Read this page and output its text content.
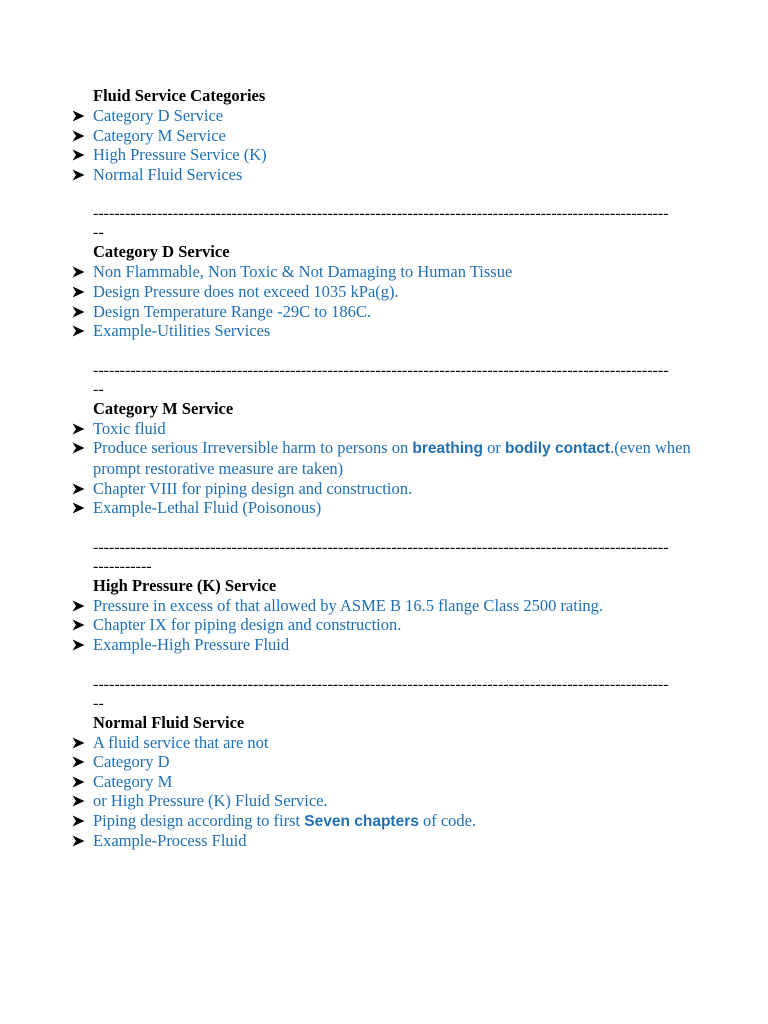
Fluid Service Categories
Category D Service
Category M Service
High Pressure Service (K)
Normal Fluid Services
--------------------------------------------------------------------------------------------------------------
Category D Service
Non Flammable, Non Toxic & Not Damaging to Human Tissue
Design Pressure does not exceed 1035 kPa(g).
Design Temperature Range -29C to 186C.
Example-Utilities Services
--------------------------------------------------------------------------------------------------------------
Category M Service
Toxic fluid
Produce serious Irreversible harm to persons on breathing or bodily contact.(even when prompt restorative measure are taken)
Chapter VIII for piping design and construction.
Example-Lethal Fluid (Poisonous)
-----------------------------------------------------------------------------------------------------------------------
High Pressure (K) Service
Pressure in excess of that allowed by ASME B 16.5 flange Class 2500 rating.
Chapter IX for piping design and construction.
Example-High Pressure Fluid
--------------------------------------------------------------------------------------------------------------
Normal Fluid Service
A fluid service that are not
Category D
Category M
or High Pressure (K) Fluid Service.
Piping design according to first Seven chapters of code.
Example-Process Fluid
